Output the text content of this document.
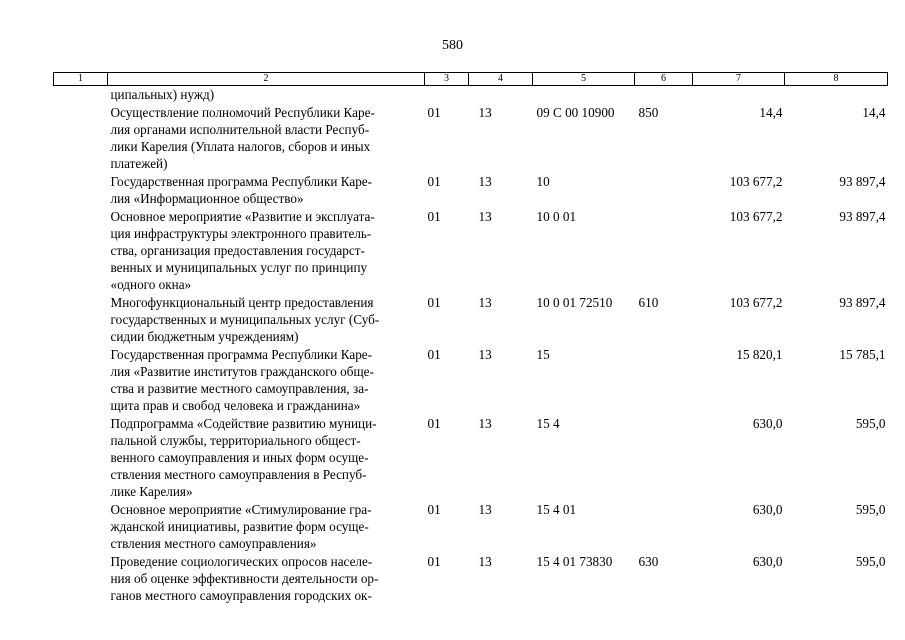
580
1	2	3	4	5	6	7	8
ципальных) нужд)							
Осуществление полномочий Республики Каре-
лия органами исполнительной власти Респуб-
лики Карелия (Уплата налогов, сборов и иных
платежей)		01	13	09 С 00 10900	850	14,4	14,4
Государственная программа Республики Каре-
лия «Информационное общество»		01	13	10		103 677,2	93 897,4
Основное мероприятие «Развитие и эксплуата-
ция инфраструктуры электронного правитель-
ства, организация предоставления государст-
венных и муниципальных услуг по принципу
«одного окна»		01	13	10 0 01		103 677,2	93 897,4
Многофункциональный центр предоставления
государственных и муниципальных услуг (Суб-
сидии бюджетным учреждениям)		01	13	10 0 01 72510	610	103 677,2	93 897,4
Государственная программа Республики Каре-
лия «Развитие институтов гражданского обще-
ства и развитие местного самоуправления, за-
щита прав и свобод человека и гражданина»		01	13	15		15 820,1	15 785,1
Подпрограмма «Содействие развитию муници-
пальной службы, территориального общест-
венного самоуправления и иных форм осуще-
ствления местного самоуправления в Респуб-
лике Карелия»		01	13	15 4		630,0	595,0
Основное мероприятие «Стимулирование гра-
жданской инициативы, развитие форм осуще-
ствления местного самоуправления»		01	13	15 4 01		630,0	595,0
Проведение социологических опросов населе-
ния об оценке эффективности деятельности ор-
ганов местного самоуправления городских ок-		01	13	15 4 01 73830	630	630,0	595,0
